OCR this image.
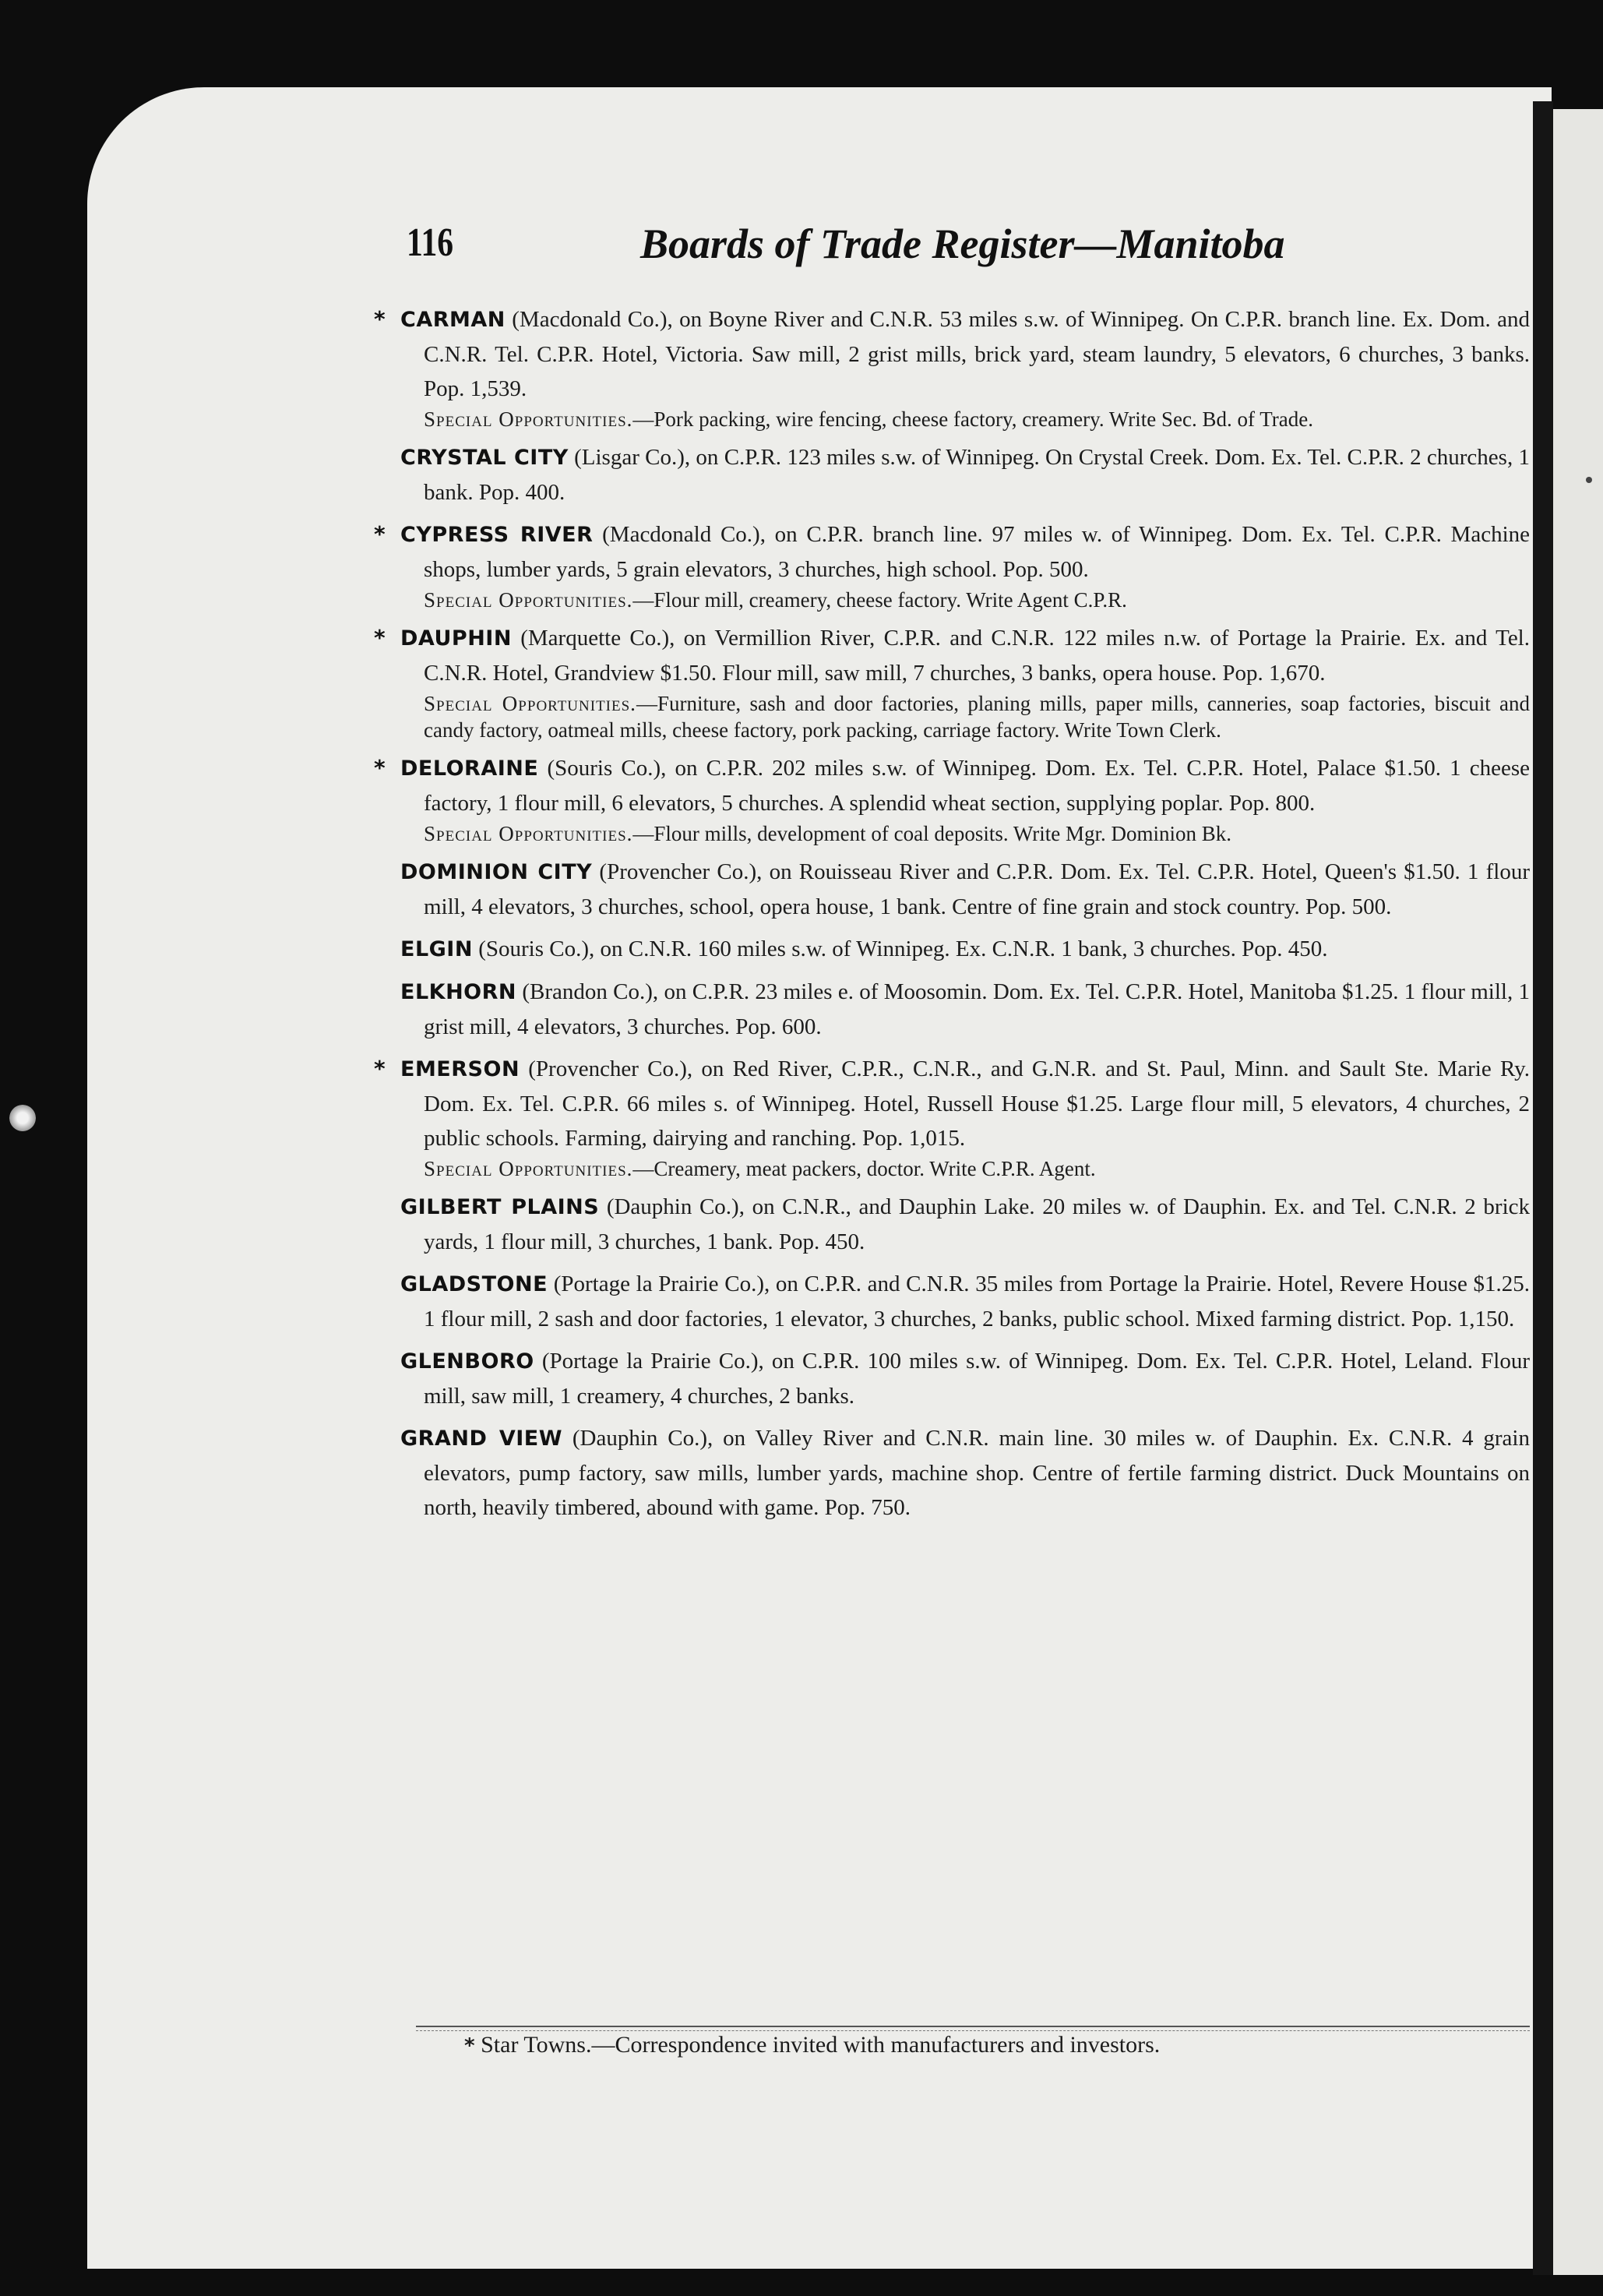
116	Boards of Trade Register—Manitoba
* CARMAN (Macdonald Co.), on Boyne River and C.N.R. 53 miles s.w. of Winnipeg. On C.P.R. branch line. Ex. Dom. and C.N.R. Tel. C.P.R. Hotel, Victoria. Saw mill, 2 grist mills, brick yard, steam laundry, 5 elevators, 6 churches, 3 banks. Pop. 1,539.
Special Opportunities.—Pork packing, wire fencing, cheese factory, creamery. Write Sec. Bd. of Trade.
CRYSTAL CITY (Lisgar Co.), on C.P.R. 123 miles s.w. of Winnipeg. On Crystal Creek. Dom. Ex. Tel. C.P.R. 2 churches, 1 bank. Pop. 400.
* CYPRESS RIVER (Macdonald Co.), on C.P.R. branch line. 97 miles w. of Winnipeg. Dom. Ex. Tel. C.P.R. Machine shops, lumber yards, 5 grain elevators, 3 churches, high school. Pop. 500.
Special Opportunities.—Flour mill, creamery, cheese factory. Write Agent C.P.R.
* DAUPHIN (Marquette Co.), on Vermillion River, C.P.R. and C.N.R. 122 miles n.w. of Portage la Prairie. Ex. and Tel. C.N.R. Hotel, Grandview $1.50. Flour mill, saw mill, 7 churches, 3 banks, opera house. Pop. 1,670.
Special Opportunities.—Furniture, sash and door factories, planing mills, paper mills, canneries, soap factories, biscuit and candy factory, oatmeal mills, cheese factory, pork packing, carriage factory. Write Town Clerk.
* DELORAINE (Souris Co.), on C.P.R. 202 miles s.w. of Winnipeg. Dom. Ex. Tel. C.P.R. Hotel, Palace $1.50. 1 cheese factory, 1 flour mill, 6 elevators, 5 churches. A splendid wheat section, supplying poplar. Pop. 800.
Special Opportunities.—Flour mills, development of coal deposits. Write Mgr. Dominion Bk.
DOMINION CITY (Provencher Co.), on Rouisseau River and C.P.R. Dom. Ex. Tel. C.P.R. Hotel, Queen's $1.50. 1 flour mill, 4 elevators, 3 churches, school, opera house, 1 bank. Centre of fine grain and stock country. Pop. 500.
ELGIN (Souris Co.), on C.N.R. 160 miles s.w. of Winnipeg. Ex. C.N.R. 1 bank, 3 churches. Pop. 450.
ELKHORN (Brandon Co.), on C.P.R. 23 miles e. of Moosomin. Dom. Ex. Tel. C.P.R. Hotel, Manitoba $1.25. 1 flour mill, 1 grist mill, 4 elevators, 3 churches. Pop. 600.
* EMERSON (Provencher Co.), on Red River, C.P.R., C.N.R., and G.N.R. and St. Paul, Minn. and Sault Ste. Marie Ry. Dom. Ex. Tel. C.P.R. 66 miles s. of Winnipeg. Hotel, Russell House $1.25. Large flour mill, 5 elevators, 4 churches, 2 public schools. Farming, dairying and ranching. Pop. 1,015.
Special Opportunities.—Creamery, meat packers, doctor. Write C.P.R. Agent.
GILBERT PLAINS (Dauphin Co.), on C.N.R., and Dauphin Lake. 20 miles w. of Dauphin. Ex. and Tel. C.N.R. 2 brick yards, 1 flour mill, 3 churches, 1 bank. Pop. 450.
GLADSTONE (Portage la Prairie Co.), on C.P.R. and C.N.R. 35 miles from Portage la Prairie. Hotel, Revere House $1.25. 1 flour mill, 2 sash and door factories, 1 elevator, 3 churches, 2 banks, public school. Mixed farming district. Pop. 1,150.
GLENBORO (Portage la Prairie Co.), on C.P.R. 100 miles s.w. of Winnipeg. Dom. Ex. Tel. C.P.R. Hotel, Leland. Flour mill, saw mill, 1 creamery, 4 churches, 2 banks.
GRAND VIEW (Dauphin Co.), on Valley River and C.N.R. main line. 30 miles w. of Dauphin. Ex. C.N.R. 4 grain elevators, pump factory, saw mills, lumber yards, machine shop. Centre of fertile farming district. Duck Mountains on north, heavily timbered, abound with game. Pop. 750.
* Star Towns.—Correspondence invited with manufacturers and investors.
